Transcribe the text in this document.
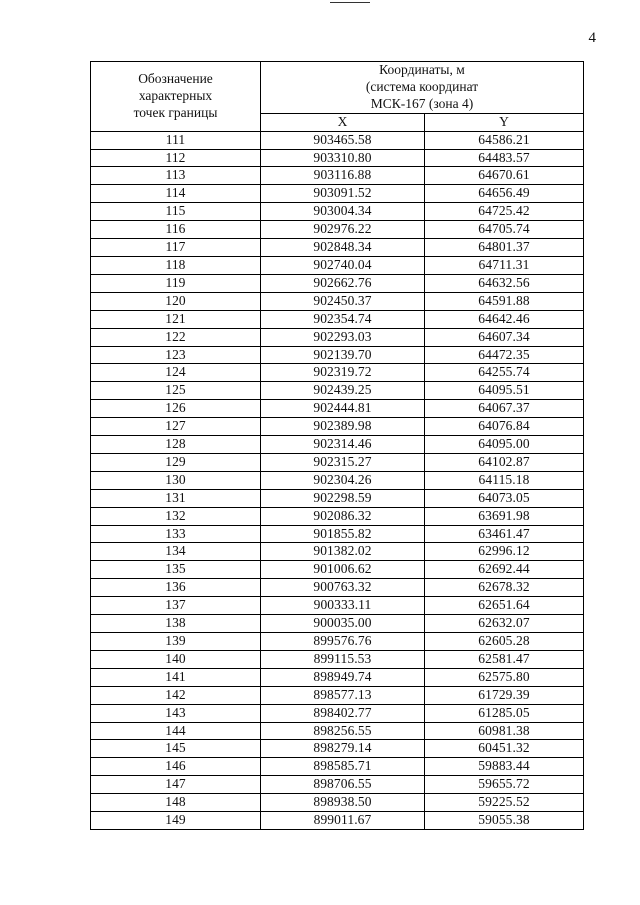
4
Обозначение
характерных
точек границы	Координаты, м
(система координат
МСК-167 (зона 4)	

	X	Y
111	903465.58	64586.21
112	903310.80	64483.57
113	903116.88	64670.61
114	903091.52	64656.49
115	903004.34	64725.42
116	902976.22	64705.74
117	902848.34	64801.37
118	902740.04	64711.31
119	902662.76	64632.56
120	902450.37	64591.88
121	902354.74	64642.46
122	902293.03	64607.34
123	902139.70	64472.35
124	902319.72	64255.74
125	902439.25	64095.51
126	902444.81	64067.37
127	902389.98	64076.84
128	902314.46	64095.00
129	902315.27	64102.87
130	902304.26	64115.18
131	902298.59	64073.05
132	902086.32	63691.98
133	901855.82	63461.47
134	901382.02	62996.12
135	901006.62	62692.44
136	900763.32	62678.32
137	900333.11	62651.64
138	900035.00	62632.07
139	899576.76	62605.28
140	899115.53	62581.47
141	898949.74	62575.80
142	898577.13	61729.39
143	898402.77	61285.05
144	898256.55	60981.38
145	898279.14	60451.32
146	898585.71	59883.44
147	898706.55	59655.72
148	898938.50	59225.52
149	899011.67	59055.38
